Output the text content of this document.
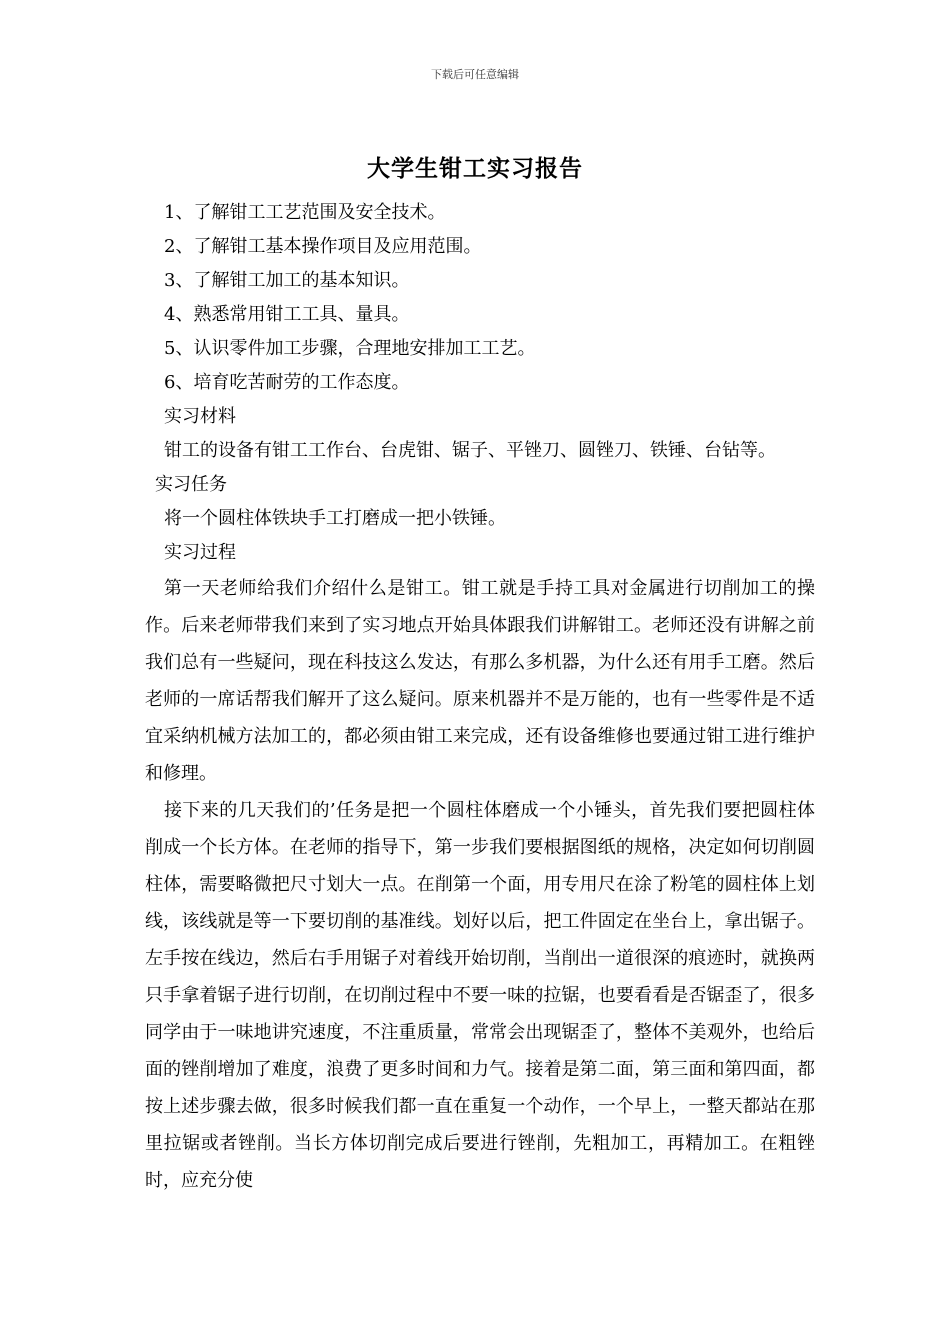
下载后可任意编辑
大学生钳工实习报告
1、了解钳工工艺范围及安全技术。
2、了解钳工基本操作项目及应用范围。
3、了解钳工加工的基本知识。
4、熟悉常用钳工工具、量具。
5、认识零件加工步骤，合理地安排加工工艺。
6、培育吃苦耐劳的工作态度。
实习材料
钳工的设备有钳工工作台、台虎钳、锯子、平锉刀、圆锉刀、铁锤、台钻等。
实习任务
将一个圆柱体铁块手工打磨成一把小铁锤。
实习过程

第一天老师给我们介绍什么是钳工。钳工就是手持工具对金属进行切削加工的操作。后来老师带我们来到了实习地点开始具体跟我们讲解钳工。老师还没有讲解之前我们总有一些疑问，现在科技这么发达，有那么多机器，为什么还有用手工磨。然后老师的一席话帮我们解开了这么疑问。原来机器并不是万能的，也有一些零件是不适宜采纳机械方法加工的，都必须由钳工来完成，还有设备维修也要通过钳工进行维护和修理。

接下来的几天我们的’任务是把一个圆柱体磨成一个小锤头，首先我们要把圆柱体削成一个长方体。在老师的指导下，第一步我们要根据图纸的规格，决定如何切削圆柱体，需要略微把尺寸划大一点。在削第一个面，用专用尺在涂了粉笔的圆柱体上划线，该线就是等一下要切削的基准线。划好以后，把工件固定在坐台上，拿出锯子。左手按在线边，然后右手用锯子对着线开始切削，当削出一道很深的痕迹时，就换两只手拿着锯子进行切削，在切削过程中不要一味的拉锯，也要看看是否锯歪了，很多同学由于一味地讲究速度，不注重质量，常常会出现锯歪了，整体不美观外，也给后面的锉削增加了难度，浪费了更多时间和力气。接着是第二面，第三面和第四面，都按上述步骤去做，很多时候我们都一直在重复一个动作，一个早上，一整天都站在那里拉锯或者锉削。当长方体切削完成后要进行锉削，先粗加工，再精加工。在粗锉时，应充分使
